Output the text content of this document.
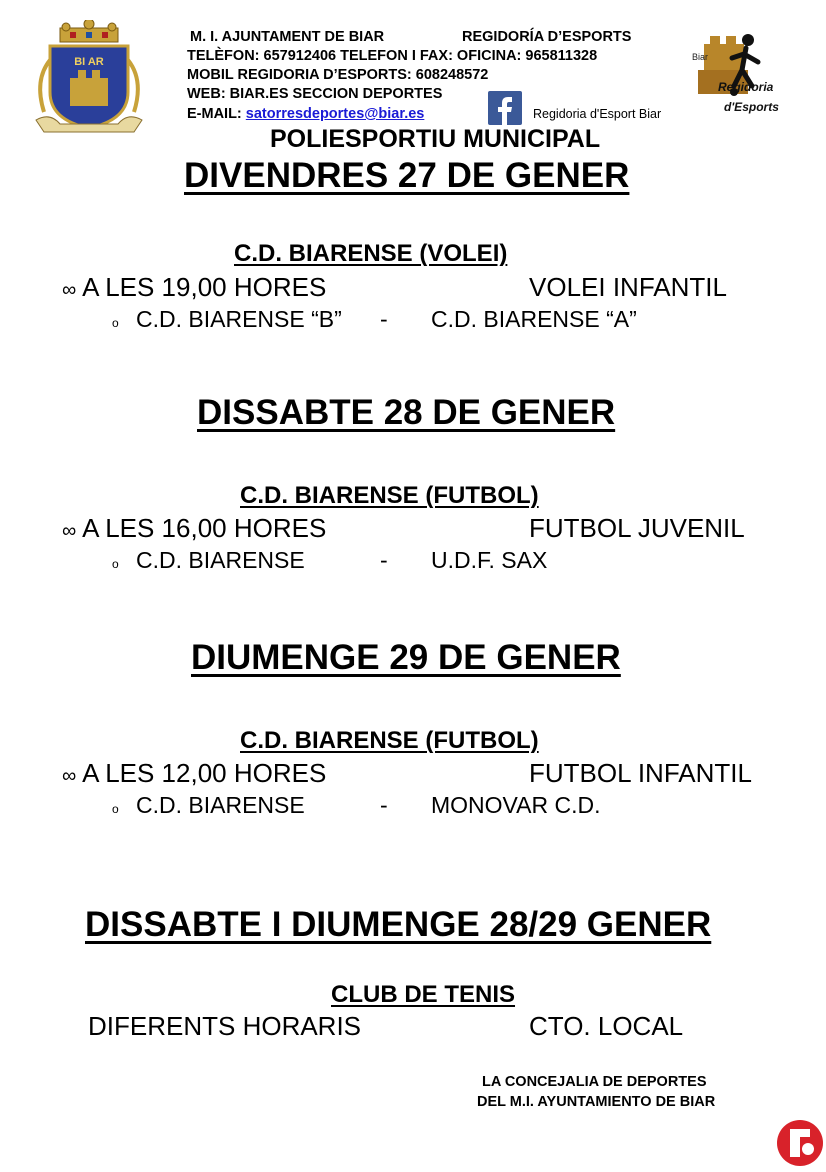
BI AR
M. I. AJUNTAMENT DE BIAR	REGIDORÍA D’ESPORTS
TELÈFON: 657912406 TELEFON I FAX: OFICINA: 965811328
MOBIL REGIDORIA D’ESPORTS: 608248572
WEB: BIAR.ES SECCION DEPORTES
E-MAIL: satorresdeportes@biar.es	Regidoria d'Esport Biar
Biar
Regidoria
d'Esports
POLIESPORTIU MUNICIPAL
DIVENDRES 27 DE GENER
C.D. BIARENSE (VOLEI)
∞ A LES 19,00 HORES	VOLEI INFANTIL
o C.D. BIARENSE “B” - C.D. BIARENSE “A”
DISSABTE 28 DE GENER
C.D. BIARENSE (FUTBOL)
∞ A LES 16,00 HORES	FUTBOL JUVENIL
o C.D. BIARENSE	- U.D.F. SAX
DIUMENGE 29 DE GENER
C.D. BIARENSE (FUTBOL)
∞ A LES 12,00 HORES	FUTBOL INFANTIL
o C.D. BIARENSE	- MONOVAR C.D.
DISSABTE I DIUMENGE 28/29 GENER
CLUB DE TENIS
DIFERENTS HORARIS	CTO. LOCAL
LA CONCEJALIA DE DEPORTES
DEL M.I. AYUNTAMIENTO DE BIAR
